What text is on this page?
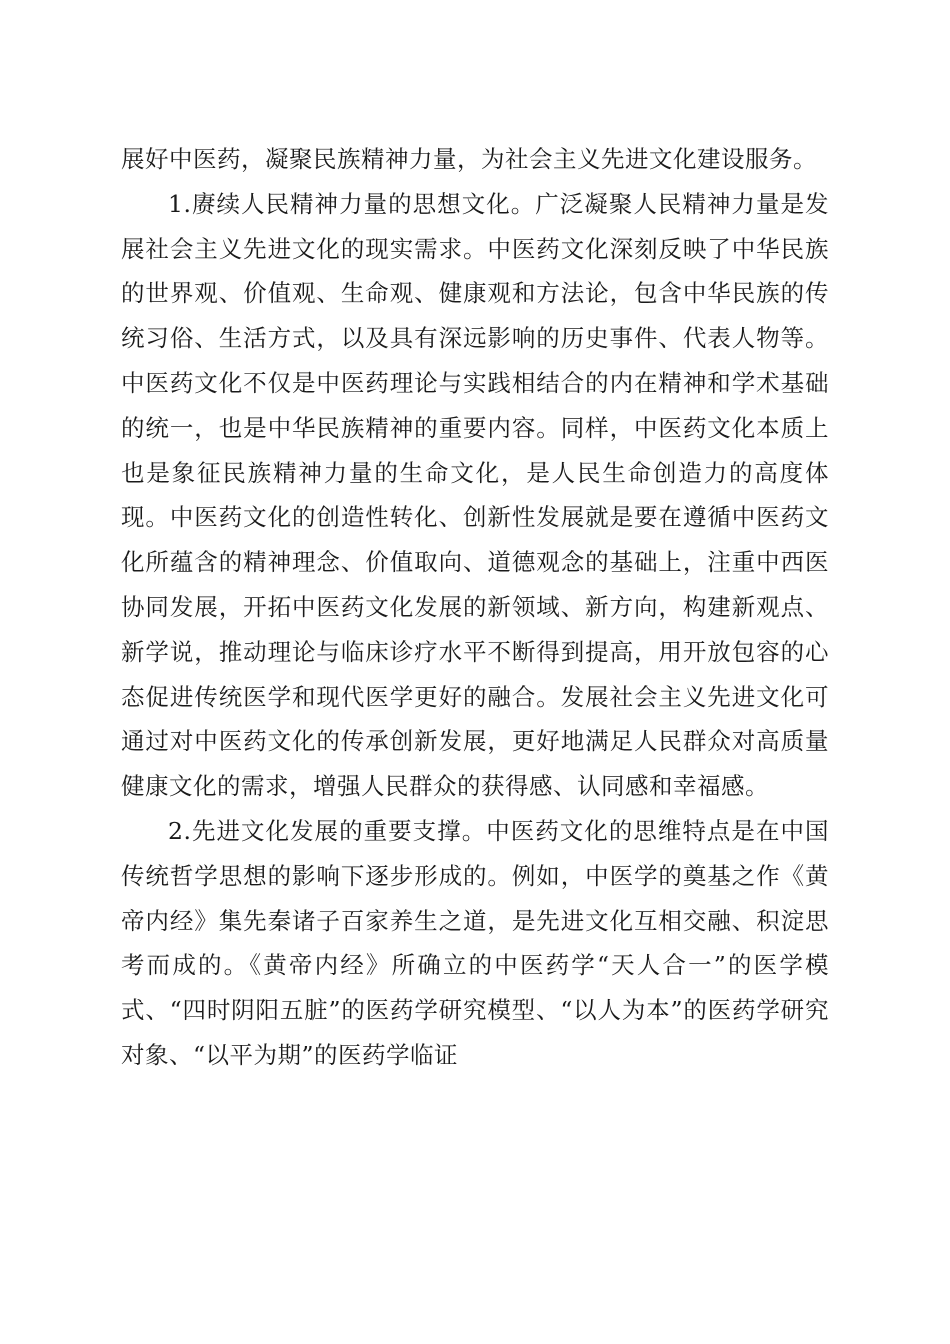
展好中医药，凝聚民族精神力量，为社会主义先进文化建设服务。

1.赓续人民精神力量的思想文化。广泛凝聚人民精神力量是发展社会主义先进文化的现实需求。中医药文化深刻反映了中华民族的世界观、价值观、生命观、健康观和方法论，包含中华民族的传统习俗、生活方式，以及具有深远影响的历史事件、代表人物等。中医药文化不仅是中医药理论与实践相结合的内在精神和学术基础的统一，也是中华民族精神的重要内容。同样，中医药文化本质上也是象征民族精神力量的生命文化，是人民生命创造力的高度体现。中医药文化的创造性转化、创新性发展就是要在遵循中医药文化所蕴含的精神理念、价值取向、道德观念的基础上，注重中西医协同发展，开拓中医药文化发展的新领域、新方向，构建新观点、新学说，推动理论与临床诊疗水平不断得到提高，用开放包容的心态促进传统医学和现代医学更好的融合。发展社会主义先进文化可通过对中医药文化的传承创新发展，更好地满足人民群众对高质量健康文化的需求，增强人民群众的获得感、认同感和幸福感。

2.先进文化发展的重要支撑。中医药文化的思维特点是在中国传统哲学思想的影响下逐步形成的。例如，中医学的奠基之作《黄帝内经》集先秦诸子百家养生之道，是先进文化互相交融、积淀思考而成的。《黄帝内经》所确立的中医药学“天人合一”的医学模式、“四时阴阳五脏”的医药学研究模型、“以人为本”的医药学研究对象、“以平为期”的医药学临证
